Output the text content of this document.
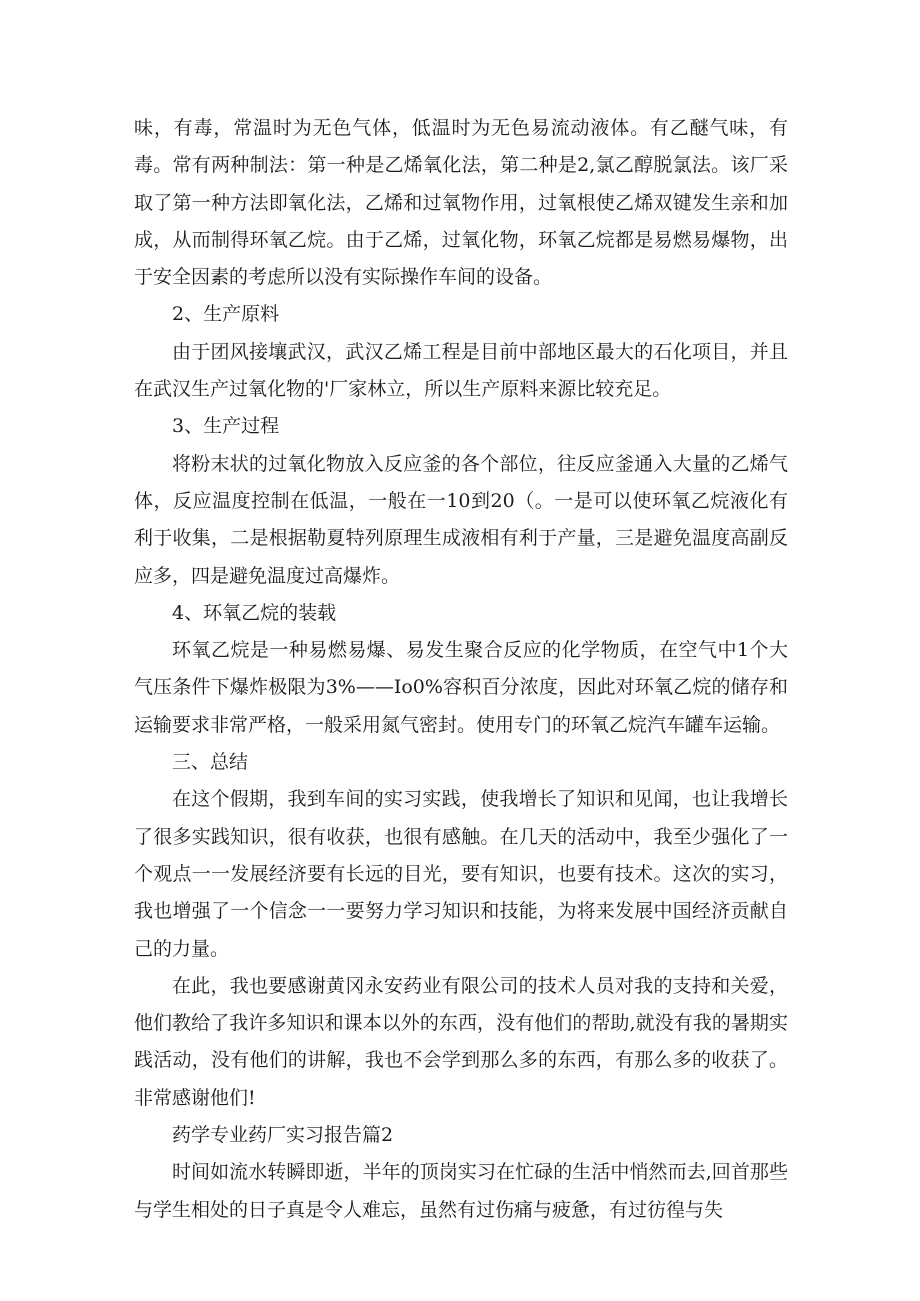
味，有毒，常温时为无色气体，低温时为无色易流动液体。有乙醚气味，有毒。常有两种制法：第一种是乙烯氧化法，第二种是2,氯乙醇脱氯法。该厂采取了第一种方法即氧化法，乙烯和过氧物作用，过氧根使乙烯双键发生亲和加成，从而制得环氧乙烷。由于乙烯，过氧化物，环氧乙烷都是易燃易爆物，出于安全因素的考虑所以没有实际操作车间的设备。

2、生产原料

由于团风接壤武汉，武汉乙烯工程是目前中部地区最大的石化项目，并且在武汉生产过氧化物的'厂家林立，所以生产原料来源比较充足。

3、生产过程

将粉末状的过氧化物放入反应釜的各个部位，往反应釜通入大量的乙烯气体，反应温度控制在低温，一般在一10到20（。一是可以使环氧乙烷液化有利于收集，二是根据勒夏特列原理生成液相有利于产量，三是避免温度高副反应多，四是避免温度过高爆炸。

4、环氧乙烷的装载

环氧乙烷是一种易燃易爆、易发生聚合反应的化学物质，在空气中1个大气压条件下爆炸极限为3%——Io0%容积百分浓度，因此对环氧乙烷的储存和运输要求非常严格，一般采用氮气密封。使用专门的环氧乙烷汽车罐车运输。

三、总结

在这个假期，我到车间的实习实践，使我增长了知识和见闻，也让我增长了很多实践知识，很有收获，也很有感触。在几天的活动中，我至少强化了一个观点一一发展经济要有长远的目光，要有知识，也要有技术。这次的实习，我也增强了一个信念一一要努力学习知识和技能，为将来发展中国经济贡献自己的力量。

在此，我也要感谢黄冈永安药业有限公司的技术人员对我的支持和关爱，他们教给了我许多知识和课本以外的东西，没有他们的帮助,就没有我的暑期实践活动，没有他们的讲解，我也不会学到那么多的东西，有那么多的收获了。非常感谢他们!

药学专业药厂实习报告篇2

时间如流水转瞬即逝，半年的顶岗实习在忙碌的生活中悄然而去,回首那些与学生相处的日子真是令人难忘，虽然有过伤痛与疲惫，有过彷徨与失
